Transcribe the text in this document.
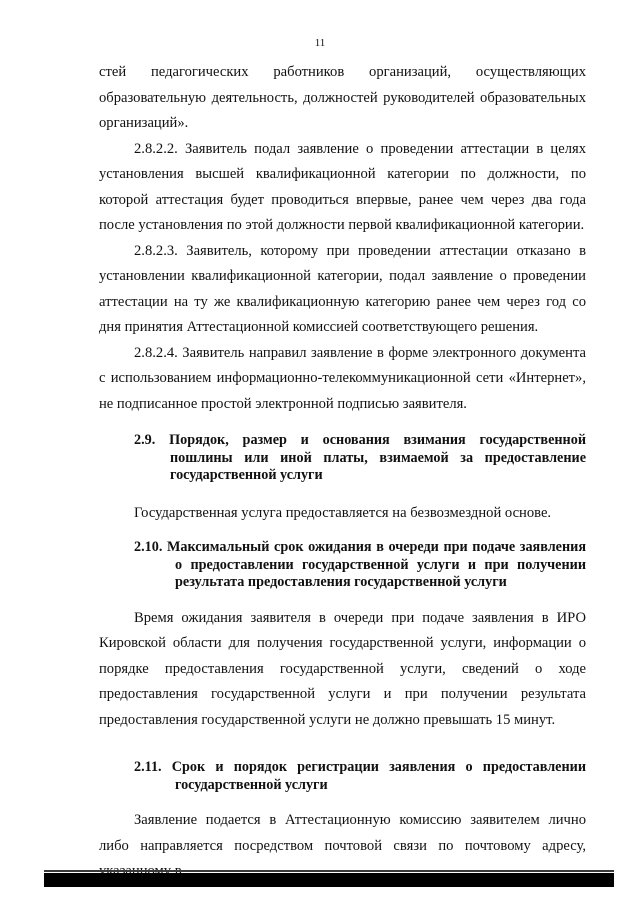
11

стей педагогических работников организаций, осуществляющих образовательную деятельность, должностей руководителей образовательных организаций».

2.8.2.2. Заявитель подал заявление о проведении аттестации в целях установления высшей квалификационной категории по должности, по которой аттестация будет проводиться впервые, ранее чем через два года после установления по этой должности первой квалификационной категории.

2.8.2.3. Заявитель, которому при проведении аттестации отказано в установлении квалификационной категории, подал заявление о проведении аттестации на ту же квалификационную категорию ранее чем через год со дня принятия Аттестационной комиссией соответствующего решения.

2.8.2.4. Заявитель направил заявление в форме электронного документа с использованием информационно-телекоммуникационной сети «Интернет», не подписанное простой электронной подписью заявителя.

2.9. Порядок, размер и основания взимания государственной пошлины или иной платы, взимаемой за предоставление государственной услуги

Государственная услуга предоставляется на безвозмездной основе.

2.10. Максимальный срок ожидания в очереди при подаче заявления о предоставлении государственной услуги и при получении результата предоставления государственной услуги

Время ожидания заявителя в очереди при подаче заявления в ИРО Кировской области для получения государственной услуги, информации о порядке предоставления государственной услуги, сведений о ходе предоставления государственной услуги и при получении результата предоставления государственной услуги не должно превышать 15 минут.

2.11. Срок и порядок регистрации заявления о предоставлении государственной услуги

Заявление подается в Аттестационную комиссию заявителем лично либо направляется посредством почтовой связи по почтовому адресу,
